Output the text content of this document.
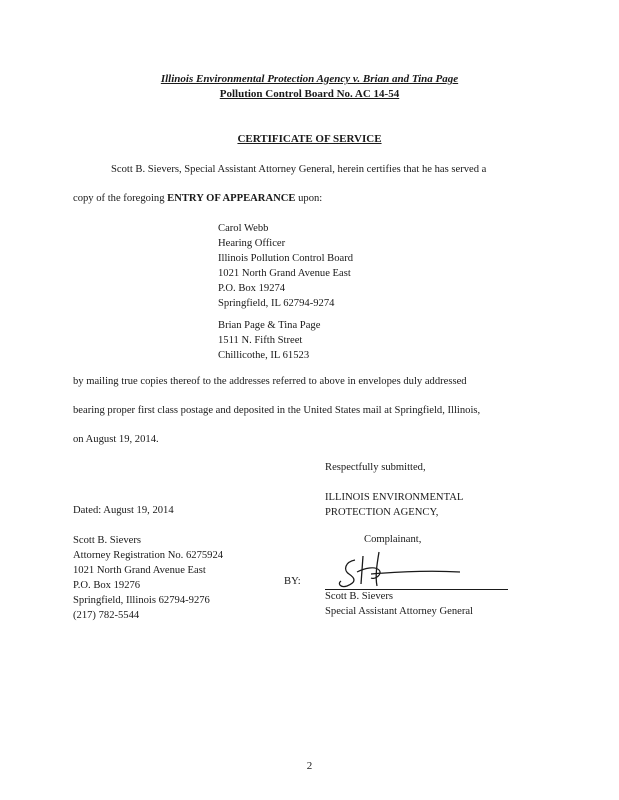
Illinois Environmental Protection Agency v. Brian and Tina Page
Pollution Control Board No. AC 14-54
CERTIFICATE OF SERVICE
Scott B. Sievers, Special Assistant Attorney General, herein certifies that he has served a
copy of the foregoing ENTRY OF APPEARANCE upon:
Carol Webb
Hearing Officer
Illinois Pollution Control Board
1021 North Grand Avenue East
P.O. Box 19274
Springfield, IL 62794-9274
Brian Page & Tina Page
1511 N. Fifth Street
Chillicothe, IL 61523
by mailing true copies thereof to the addresses referred to above in envelopes duly addressed
bearing proper first class postage and deposited in the United States mail at Springfield, Illinois,
on August 19, 2014.
Respectfully submitted,
ILLINOIS ENVIRONMENTAL
PROTECTION AGENCY,
Dated: August 19, 2014
Complainant,
Scott B. Sievers
Attorney Registration No. 6275924
1021 North Grand Avenue East
P.O. Box 19276
Springfield, Illinois 62794-9276
(217) 782-5544
BY:
Scott B. Sievers
Special Assistant Attorney General
2
